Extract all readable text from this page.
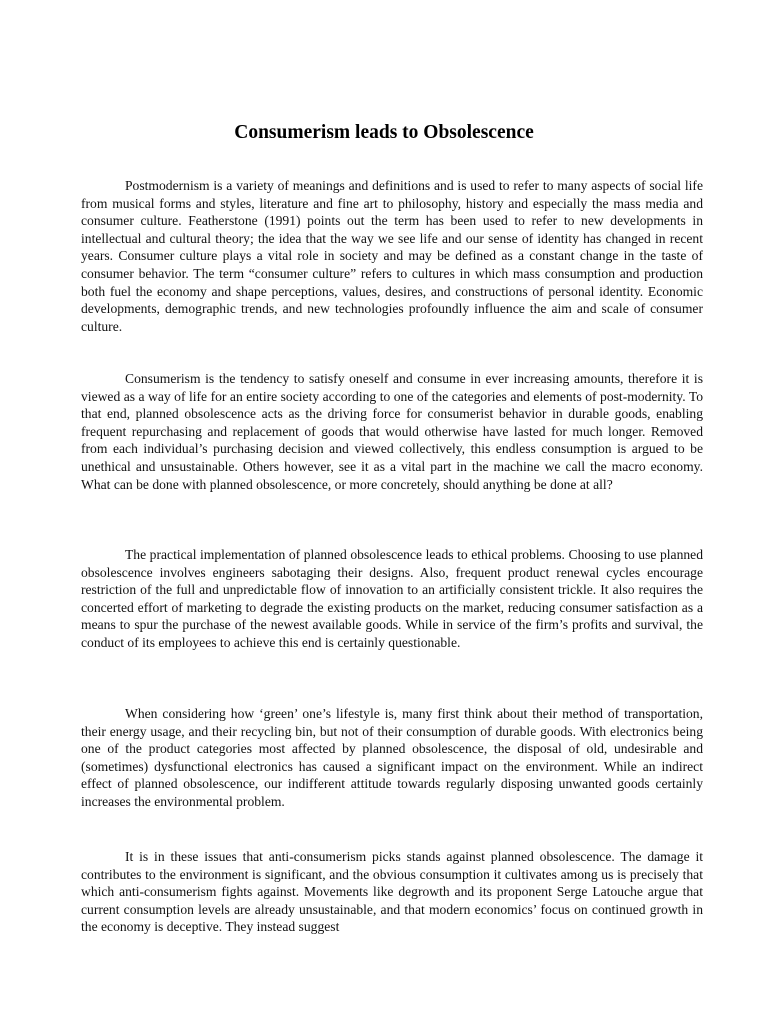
Consumerism leads to Obsolescence

Postmodernism is a variety of meanings and definitions and is used to refer to many aspects of social life from musical forms and styles, literature and fine art to philosophy, history and especially the mass media and consumer culture. Featherstone (1991) points out the term has been used to refer to new developments in intellectual and cultural theory; the idea that the way we see life and our sense of identity has changed in recent years. Consumer culture plays a vital role in society and may be defined as a constant change in the taste of consumer behavior. The term “consumer culture” refers to cultures in which mass consumption and production both fuel the economy and shape perceptions, values, desires, and constructions of personal identity. Economic developments, demographic trends, and new technologies profoundly influence the aim and scale of consumer culture.

Consumerism is the tendency to satisfy oneself and consume in ever increasing amounts, therefore it is viewed as a way of life for an entire society according to one of the categories and elements of post-modernity. To that end, planned obsolescence acts as the driving force for consumerist behavior in durable goods, enabling frequent repurchasing and replacement of goods that would otherwise have lasted for much longer. Removed from each individual’s purchasing decision and viewed collectively, this endless consumption is argued to be unethical and unsustainable. Others however, see it as a vital part in the machine we call the macro economy. What can be done with planned obsolescence, or more concretely, should anything be done at all?

The practical implementation of planned obsolescence leads to ethical problems. Choosing to use planned obsolescence involves engineers sabotaging their designs. Also, frequent product renewal cycles encourage restriction of the full and unpredictable flow of innovation to an artificially consistent trickle. It also requires the concerted effort of marketing to degrade the existing products on the market, reducing consumer satisfaction as a means to spur the purchase of the newest available goods. While in service of the firm’s profits and survival, the conduct of its employees to achieve this end is certainly questionable.

When considering how ‘green’ one’s lifestyle is, many first think about their method of transportation, their energy usage, and their recycling bin, but not of their consumption of durable goods. With electronics being one of the product categories most affected by planned obsolescence, the disposal of old, undesirable and (sometimes) dysfunctional electronics has caused a significant impact on the environment. While an indirect effect of planned obsolescence, our indifferent attitude towards regularly disposing unwanted goods certainly increases the environmental problem.

It is in these issues that anti-consumerism picks stands against planned obsolescence. The damage it contributes to the environment is significant, and the obvious consumption it cultivates among us is precisely that which anti-consumerism fights against. Movements like degrowth and its proponent Serge Latouche argue that current consumption levels are already unsustainable, and that modern economics’ focus on continued growth in the economy is deceptive. They instead suggest
